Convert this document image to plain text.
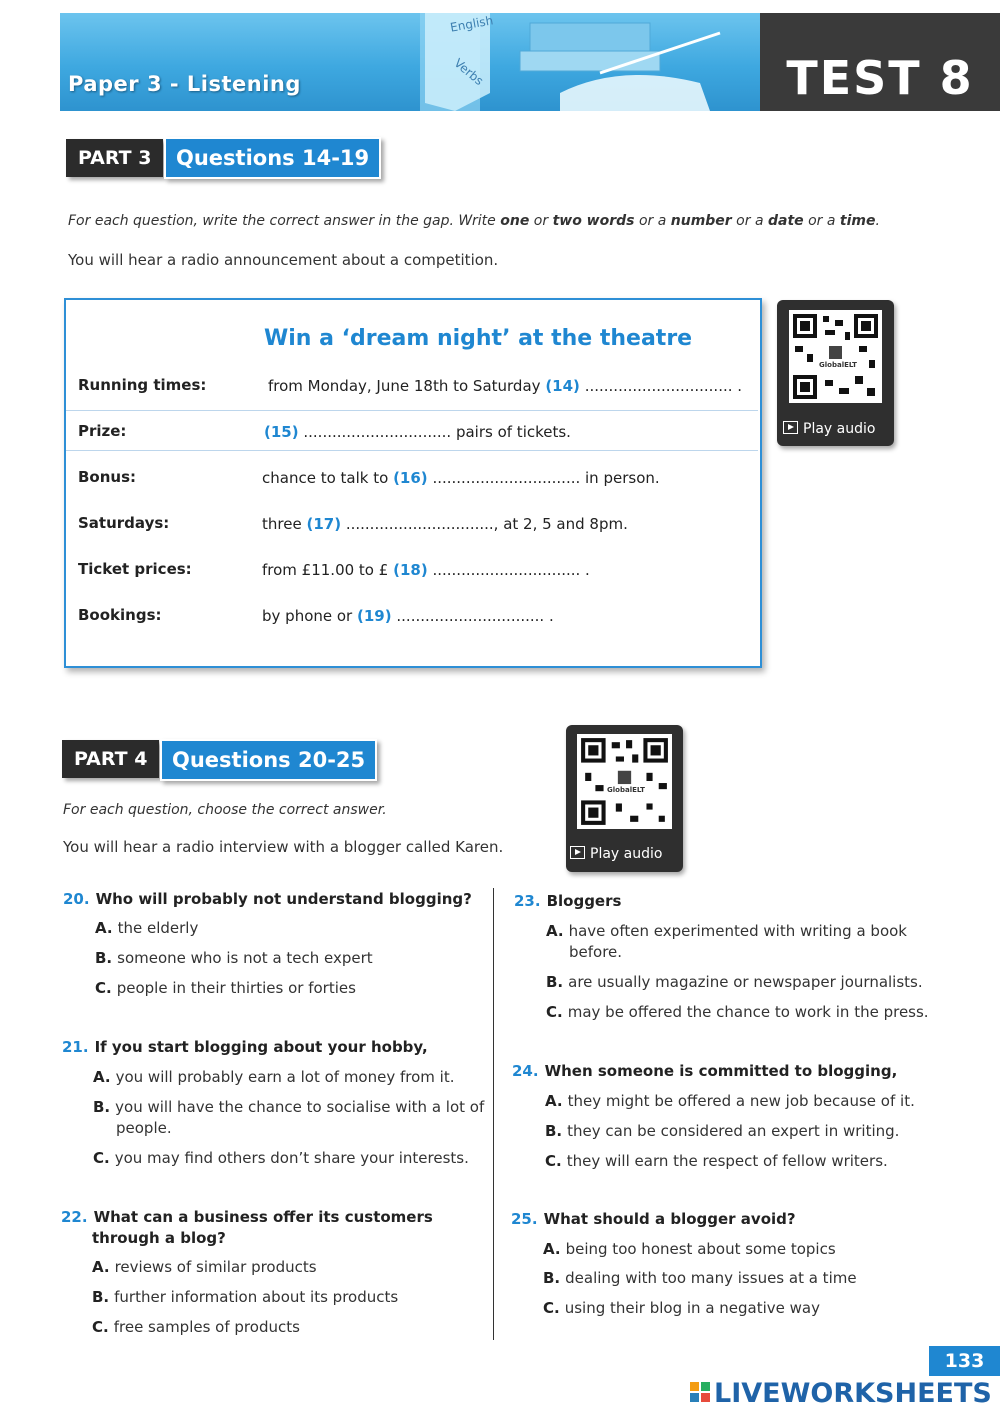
English
Verbs
Paper 3 - Listening	TEST 8
PART 3	Questions 14-19
For each question, write the correct answer in the gap. Write one or two words or a number or a date or a time.
You will hear a radio announcement about a competition.
Win a ‘dream night’ at the theatre
Running times:	from Monday, June 18th to Saturday (14) ............................... .
Prize:	(15) ............................... pairs of tickets.
Bonus:	chance to talk to (16) ............................... in person.
Saturdays:	three (17) ..............................., at 2, 5 and 8pm.
Ticket prices:	from £11.00 to £ (18) ............................... .
Bookings:	by phone or (19) ............................... .
GlobalELT
Play audio
PART 4	Questions 20-25
For each question, choose the correct answer.
You will hear a radio interview with a blogger called Karen.
GlobalELT
Play audio
20. Who will probably not understand blogging?
A. the elderly
B. someone who is not a tech expert
C. people in their thirties or forties
21. If you start blogging about your hobby,
A. you will probably earn a lot of money from it.
B. you will have the chance to socialise with a lot of people.
C. you may find others don’t share your interests.
22. What can a business offer its customers through a blog?
A. reviews of similar products
B. further information about its products
C. free samples of products
23. Bloggers
A. have often experimented with writing a book before.
B. are usually magazine or newspaper journalists.
C. may be offered the chance to work in the press.
24. When someone is committed to blogging,
A. they might be offered a new job because of it.
B. they can be considered an expert in writing.
C. they will earn the respect of fellow writers.
25. What should a blogger avoid?
A. being too honest about some topics
B. dealing with too many issues at a time
C. using their blog in a negative way
133
LIVEWORKSHEETS
